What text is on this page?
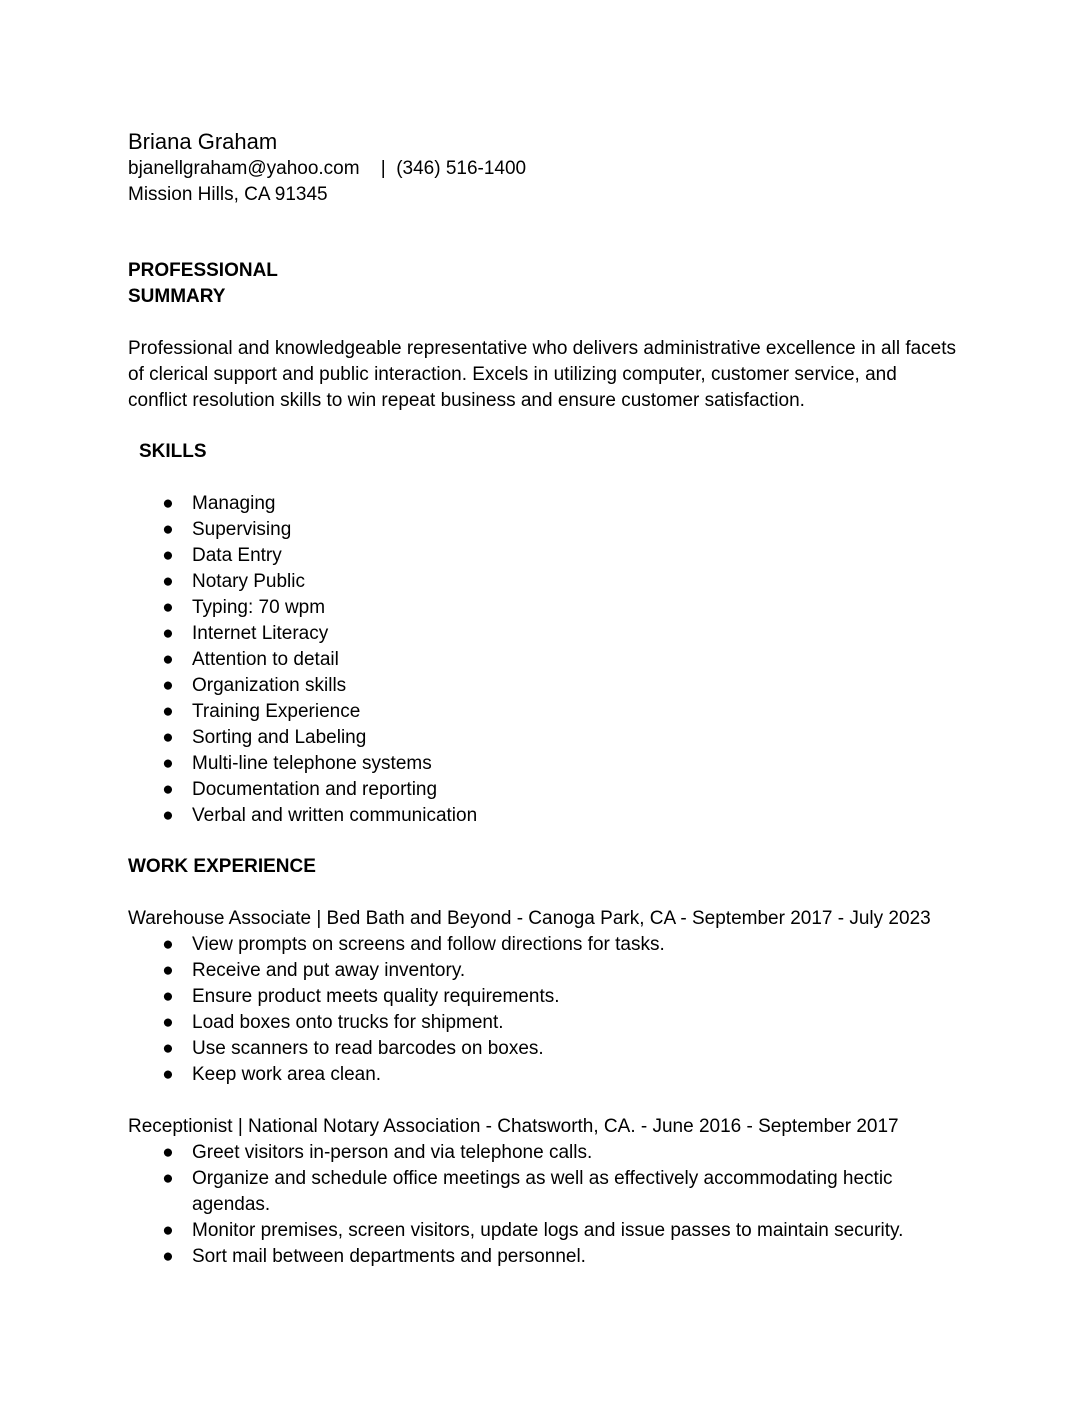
Briana Graham

bjanellgraham@yahoo.com    |  (346) 516-1400

Mission Hills, CA 91345

PROFESSIONAL
SUMMARY

Professional and knowledgeable representative who delivers administrative excellence in all facets of clerical support and public interaction. Excels in utilizing computer, customer service, and conflict resolution skills to win repeat business and ensure customer satisfaction.

SKILLS

● Managing
● Supervising
● Data Entry
● Notary Public
● Typing: 70 wpm
● Internet Literacy
● Attention to detail
● Organization skills
● Training Experience
● Sorting and Labeling
● Multi-line telephone systems
● Documentation and reporting
● Verbal and written communication

WORK EXPERIENCE

Warehouse Associate | Bed Bath and Beyond - Canoga Park, CA - September 2017 - July 2023

● View prompts on screens and follow directions for tasks.
● Receive and put away inventory.
● Ensure product meets quality requirements.
● Load boxes onto trucks for shipment.
● Use scanners to read barcodes on boxes.
● Keep work area clean.

Receptionist | National Notary Association - Chatsworth, CA. - June 2016 - September 2017

● Greet visitors in-person and via telephone calls.
● Organize and schedule office meetings as well as effectively accommodating hectic agendas.
● Monitor premises, screen visitors, update logs and issue passes to maintain security.
● Sort mail between departments and personnel.
